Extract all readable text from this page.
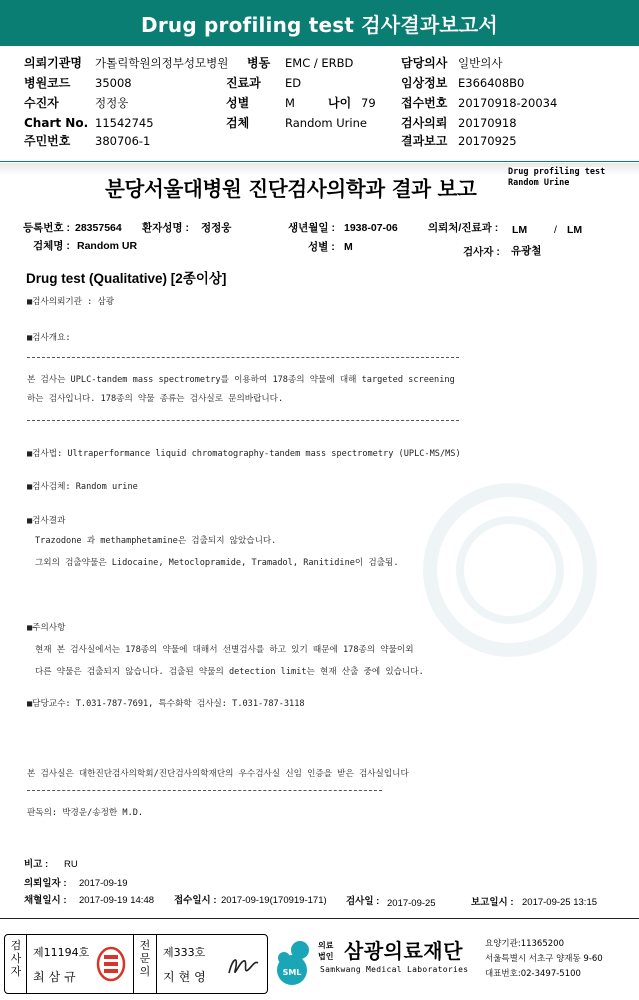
Drug profiling test 검사결과보고서
의뢰기관명 가톨릭학원의정부성모병원 병동 EMC / ERBD	담당의사 일반의사
병원코드 35008	진료과 ED	임상정보 E366408B0
수진자	정정웅	성별	M	나이 79 접수번호 20170918-20034
Chart No. 11542745	검체	Random Urine	검사의뢰 20170918
주민번호 380706-1	결과보고 20170925
분당서울대병원 진단검사의학과 결과 보고
Drug profiling test
Random Urine
등록번호 : 28357564 환자성명 : 정정웅	생년월일 : 1938-07-06	의뢰처/진료과 : LM	/ LM
검체명 : Random UR	성별 : M	검사자 : 유광철
Drug test (Qualitative) [2종이상]
■검사의뢰기관 : 삼광
■검사개요:
본 검사는 UPLC-tandem mass spectrometry를 이용하여 178종의 약물에 대해 targeted screening
하는 검사입니다. 178종의 약물 종류는 검사실로 문의바랍니다.
■검사법: Ultraperformance liquid chromatography-tandem mass spectrometry (UPLC-MS/MS)
■검사검체: Random urine
■검사결과
Trazodone 과 methamphetamine은 검출되지 않았습니다.
그외의 검출약물은 Lidocaine, Metoclopramide, Tramadol, Ranitidine이 검출됨.
■주의사항
현재 본 검사실에서는 178종의 약물에 대해서 선별검사를 하고 있기 때문에 178종의 약물이외
다른 약물은 검출되지 않습니다. 검출된 약물의 detection limit는 현재 산출 중에 있습니다.
■담당교수: T.031-787-7691, 특수화학 검사실: T.031-787-3118
본 검사실은 대한진단검사의학회/진단검사의학재단의 우수검사실 신임 인증을 받은 검사실입니다
판독의: 박경운/송정한 M.D.
비고 : RU
의뢰일자 : 2017-09-19
채혈일시 : 2017-09-19 14:48 접수일시 : 2017-09-19(170919-171) 검사일 : 2017-09-25	보고일시 : 2017-09-25 13:15
검
사
자
제11194호
최삼규
전
문
의
제333호
지현영	SML
의료
법인 삼광의료재단
Samkwang Medical Laboratories
요양기관:11365200
서울특별시 서초구 양재동 9-60
대표번호:02-3497-5100
